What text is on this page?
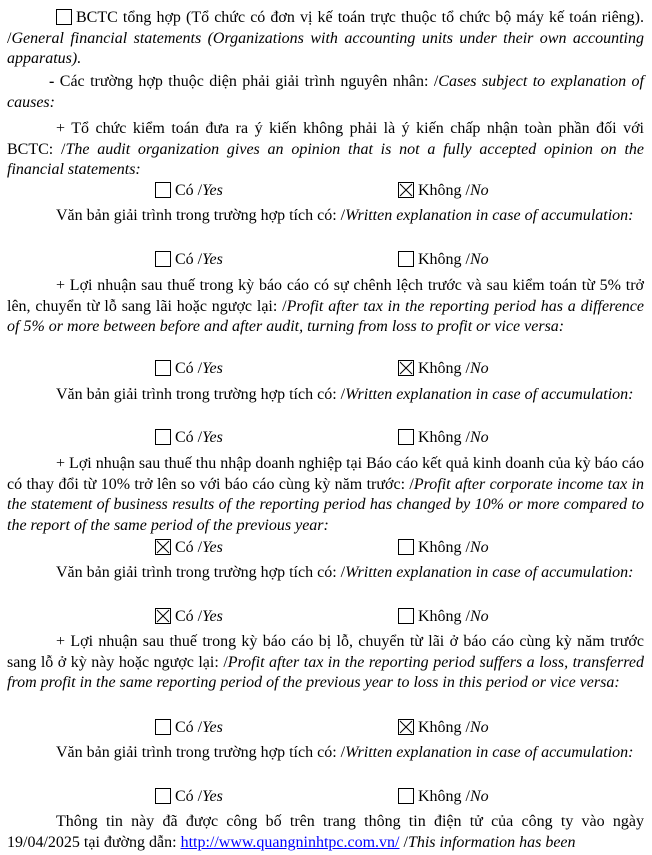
BCTC tổng hợp (Tổ chức có đơn vị kế toán trực thuộc tổ chức bộ máy kế toán riêng). /General financial statements (Organizations with accounting units under their own accounting apparatus).
- Các trường hợp thuộc diện phải giải trình nguyên nhân: /Cases subject to explanation of causes:
+ Tổ chức kiểm toán đưa ra ý kiến không phải là ý kiến chấp nhận toàn phần đối với BCTC: /The audit organization gives an opinion that is not a fully accepted opinion on the financial statements:
Có /Yes	Không /No
Văn bản giải trình trong trường hợp tích có: /Written explanation in case of accumulation:
Có /Yes	Không /No
+ Lợi nhuận sau thuế trong kỳ báo cáo có sự chênh lệch trước và sau kiểm toán từ 5% trở lên, chuyển từ lỗ sang lãi hoặc ngược lại: /Profit after tax in the reporting period has a difference of 5% or more between before and after audit, turning from loss to profit or vice versa:
Có /Yes	Không /No
Văn bản giải trình trong trường hợp tích có: /Written explanation in case of accumulation:
Có /Yes	Không /No
+ Lợi nhuận sau thuế thu nhập doanh nghiệp tại Báo cáo kết quả kinh doanh của kỳ báo cáo có thay đổi từ 10% trở lên so với báo cáo cùng kỳ năm trước: /Profit after corporate income tax in the statement of business results of the reporting period has changed by 10% or more compared to the report of the same period of the previous year:
Có /Yes	Không /No
Văn bản giải trình trong trường hợp tích có: /Written explanation in case of accumulation:
Có /Yes	Không /No
+ Lợi nhuận sau thuế trong kỳ báo cáo bị lỗ, chuyển từ lãi ở báo cáo cùng kỳ năm trước sang lỗ ở kỳ này hoặc ngược lại: /Profit after tax in the reporting period suffers a loss, transferred from profit in the same reporting period of the previous year to loss in this period or vice versa:
Có /Yes	Không /No
Văn bản giải trình trong trường hợp tích có: /Written explanation in case of accumulation:
Có /Yes	Không /No
Thông tin này đã được công bố trên trang thông tin điện tử của công ty vào ngày 19/04/2025 tại đường dẫn: http://www.quangninhtpc.com.vn/ /This information has been
